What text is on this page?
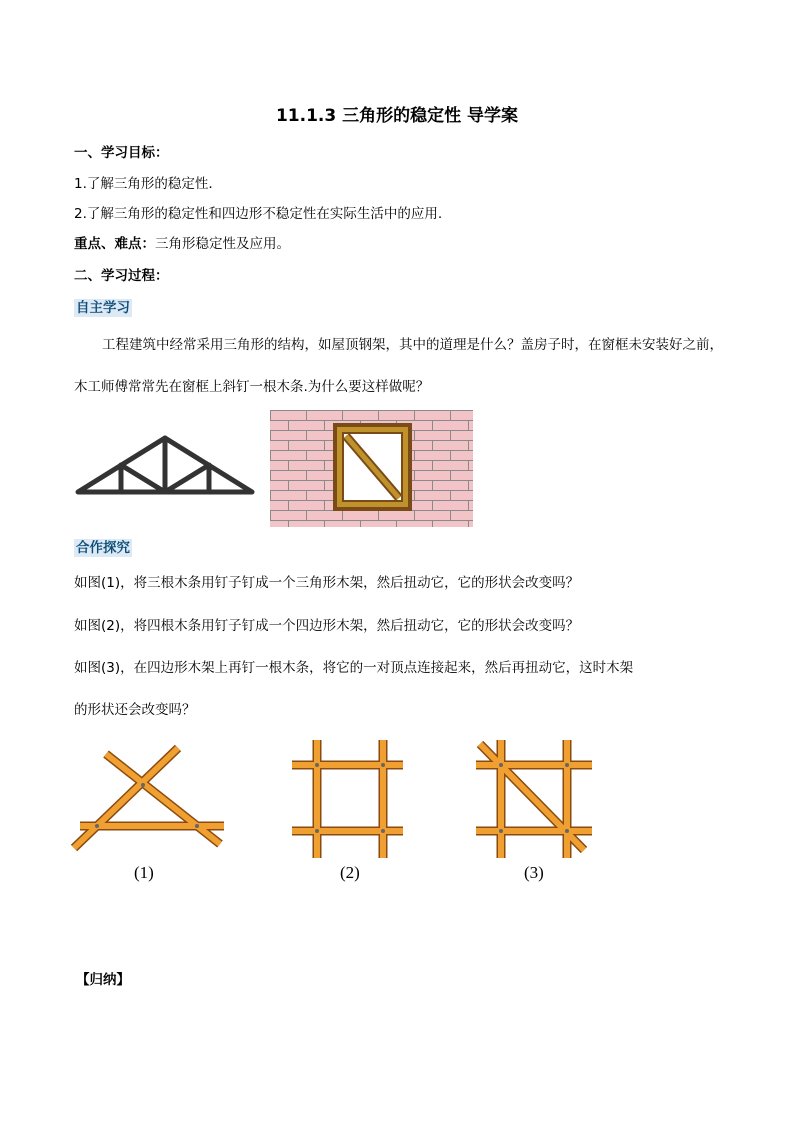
11.1.3 三角形的稳定性 导学案
一、学习目标：
1.了解三角形的稳定性.
2.了解三角形的稳定性和四边形不稳定性在实际生活中的应用.
重点、难点：三角形稳定性及应用。
二、学习过程：
自主学习
工程建筑中经常采用三角形的结构，如屋顶钢架，其中的道理是什么？盖房子时，在窗框未安装好之前，木工师傅常常先在窗框上斜钉一根木条.为什么要这样做呢？
合作探究
如图(1)，将三根木条用钉子钉成一个三角形木架，然后扭动它，它的形状会改变吗？
如图(2)，将四根木条用钉子钉成一个四边形木架，然后扭动它，它的形状会改变吗？
如图(3)，在四边形木架上再钉一根木条，将它的一对顶点连接起来，然后再扭动它，这时木架
的形状还会改变吗？
(1)	(2)	(3)
【归纳】
